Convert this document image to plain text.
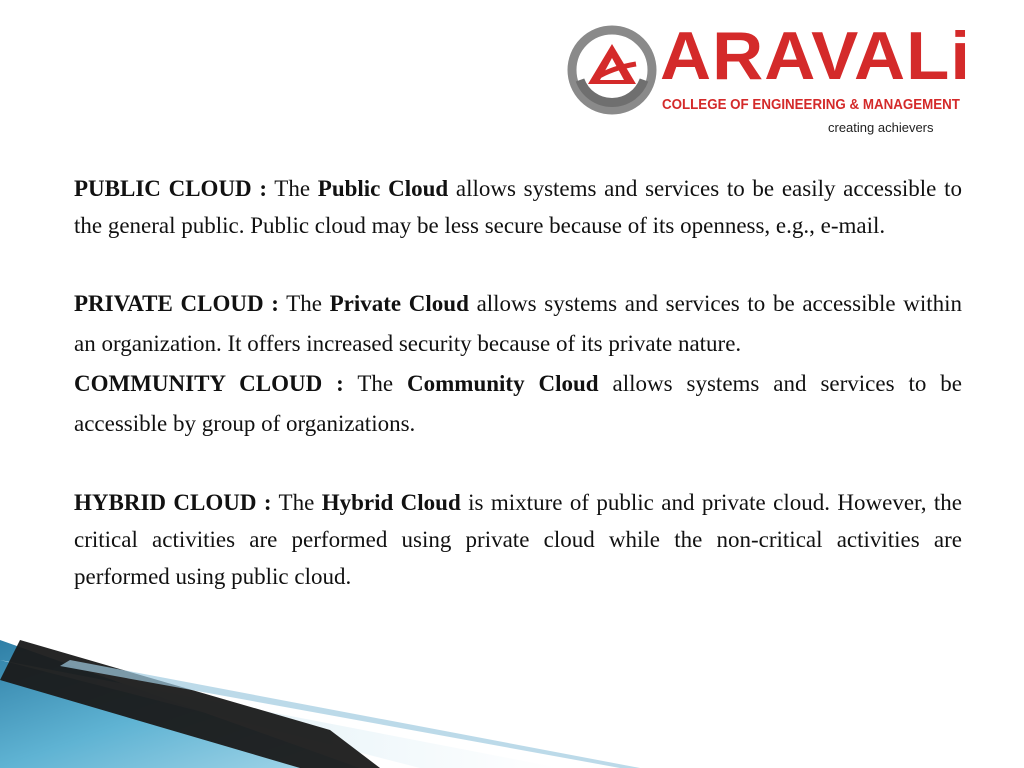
ARAVALi
COLLEGE OF ENGINEERING & MANAGEMENT
creating achievers

PUBLIC CLOUD : The Public Cloud allows systems and services to be easily accessible to the general public. Public cloud may be less secure because of its openness, e.g., e-mail.

PRIVATE CLOUD : The Private Cloud allows systems and services to be accessible within an organization. It offers increased security because of its private nature.

COMMUNITY CLOUD : The Community Cloud allows systems and services to be accessible by group of organizations.

HYBRID CLOUD : The Hybrid Cloud is mixture of public and private cloud. However, the critical activities are performed using private cloud while the non-critical activities are performed using public cloud.
